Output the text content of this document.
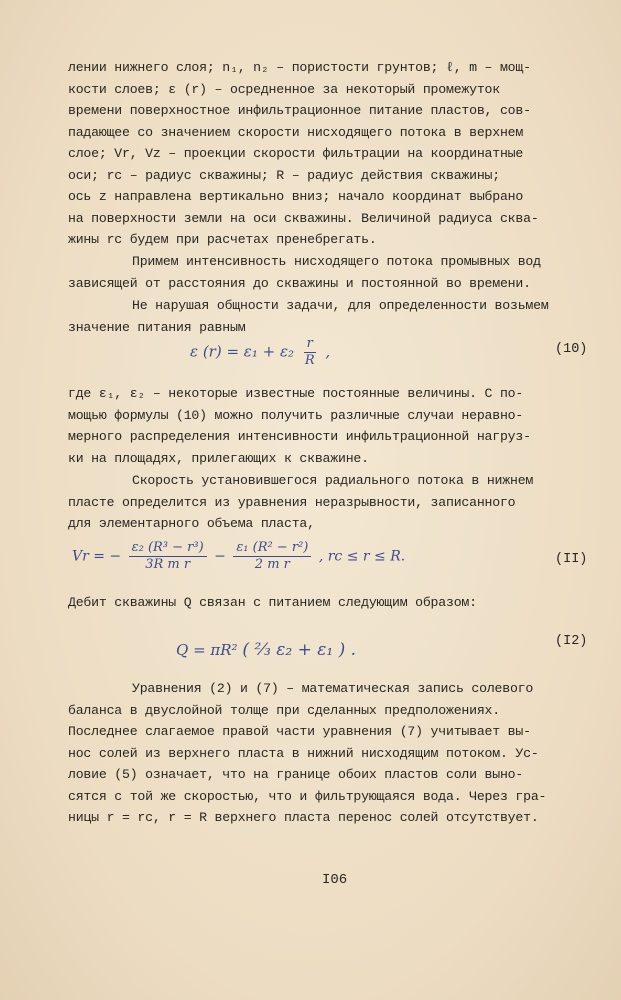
лении нижнего слоя; n₁, n₂ – пористости грунтов; ℓ, m – мощ-
кости слоев; ε (r) – осредненное за некоторый промежуток
времени поверхностное инфильтрационное питание пластов, сов-
падающее со значением скорости нисходящего потока в верхнем
слое; Vr, Vz – проекции скорости фильтрации на координатные
оси; rc – радиус скважины; R – радиус действия скважины;
ось z направлена вертикально вниз; начало координат выбрано
на поверхности земли на оси скважины. Величиной радиуса сква-
жины rc будем при расчетах пренебрегать.
Примем интенсивность нисходящего потока промывных вод
зависящей от расстояния до скважины и постоянной во времени.
Не нарушая общности задачи, для определенности возьмем
значение питания равным
ε $(r) = \varepsilon_1 + \varepsilon_2 \frac{r}{R}$ ,	(10)
где ε₁, ε₂ – некоторые известные постоянные величины. С по-
мощью формулы (10) можно получить различные случаи неравно-
мерного распределения интенсивности инфильтрационной нагруз-
ки на площадях, прилегающих к скважине.
Скорость установившегося радиального потока в нижнем
пласте определится из уравнения неразрывности, записанного
для элементарного объема пласта,
Vr = − $\frac{\text{ε₂ (R³ − r³)}}{\text{3R m r}} - \frac{\text{ε₁ (R² − r²)}}{\text{2 m r}}$ , rc ≤ r ≤ R.	(II)
Дебит скважины Q связан с питанием следующим образом:
Q = πR² ( ⅔ ε₂ + ε₁ ) .	(I2)
Уравнения (2) и (7) – математическая запись солевого
баланса в двуслойной толще при сделанных предположениях.
Последнее слагаемое правой части уравнения (7) учитывает вы-
нос солей из верхнего пласта в нижний нисходящим потоком. Ус-
ловие (5) означает, что на границе обоих пластов соли выно-
сятся с той же скоростью, что и фильтрующаяся вода. Через гра-
ницы r = rc, r = R верхнего пласта перенос солей отсутствует.
I06
